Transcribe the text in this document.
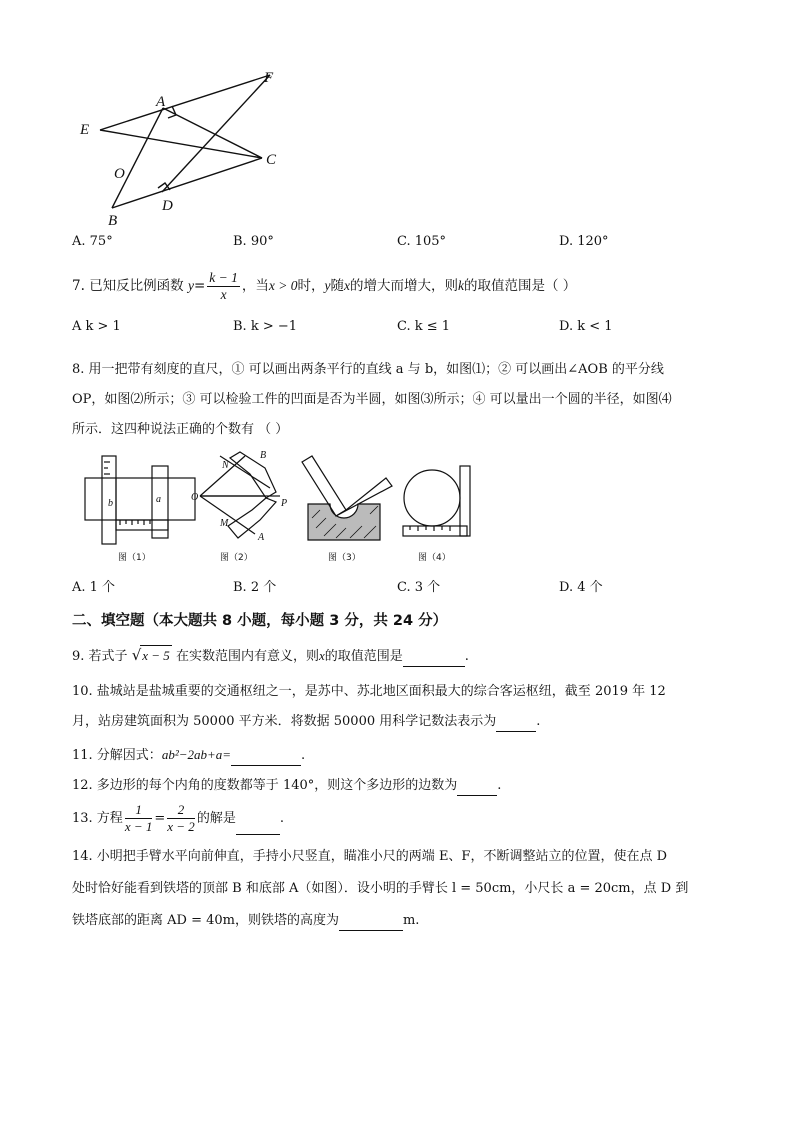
A
B
C
D
E
F
O
A. 75°	B. 90°	C. 105°	D. 120°
7. 已知反比例函数 $y= \frac{k - 1}{x}$ ，当x > 0时，y随x的增大而增大，则k的取值范围是（ ）
A k > 1	B. k > −1	C. k ≤ 1	D. k < 1
8. 用一把带有刻度的直尺，① 可以画出两条平行的直线 a 与 b，如图⑴；② 可以画出∠AOB 的平分线
OP，如图⑵所示；③ 可以检验工件的凹面是否为半圆，如图⑶所示；④ 可以量出一个圆的半径，如图⑷
所示．这四种说法正确的个数有 （ ）
b	a
N
B
O
P
M
A
图（1）	图（2）	图（3）	图（4）
A. 1 个	B. 2 个	C. 3 个	D. 4 个
二、填空题（本大题共 8 小题，每小题 3 分，共 24 分）
9. 若式子 √x − 5 在实数范围内有意义，则x的取值范围是	.
10. 盐城站是盐城重要的交通枢纽之一，是苏中、苏北地区面积最大的综合客运枢纽，截至 2019 年 12
月，站房建筑面积为 50000 平方米．将数据 50000 用科学记数法表示为	.
11. 分解因式：ab²−2ab+a=	.
12. 多边形的每个内角的度数都等于 140°，则这个多边形的边数为	.
13. 方程 $\frac{1}{x - 1} = \frac{2}{x - 2}$ 的解是	.
14. 小明把手臂水平向前伸直，手持小尺竖直，瞄准小尺的两端 E、F，不断调整站立的位置，使在点 D
处时恰好能看到铁塔的顶部 B 和底部 A（如图）．设小明的手臂长 l = 50cm，小尺长 a = 20cm，点 D 到
铁塔底部的距离 AD = 40m，则铁塔的高度为	m.
